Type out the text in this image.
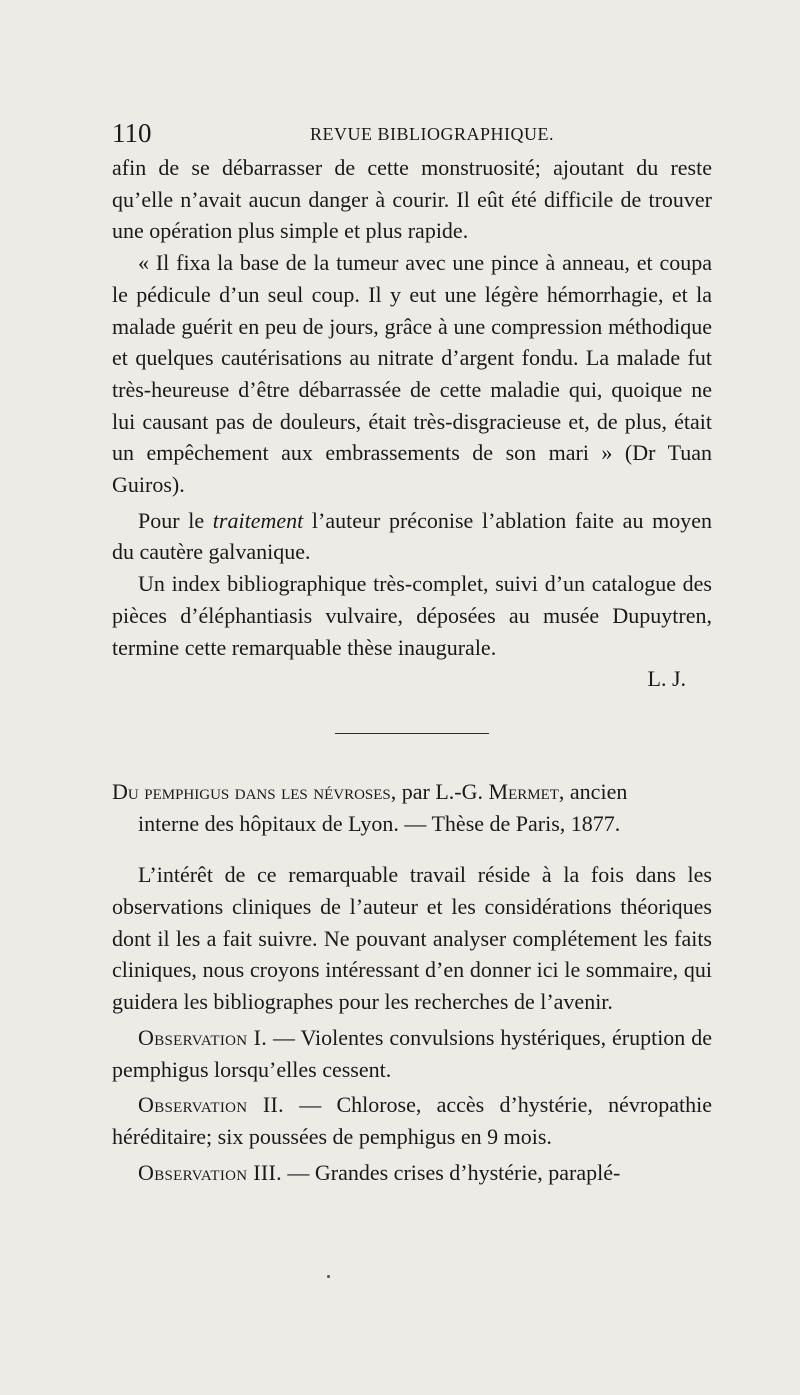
110	REVUE BIBLIOGRAPHIQUE.

afin de se débarrasser de cette monstruosité; ajoutant du reste qu’elle n’avait aucun danger à courir. Il eût été difficile de trouver une opération plus simple et plus rapide.

« Il fixa la base de la tumeur avec une pince à anneau, et coupa le pédicule d’un seul coup. Il y eut une légère hémorrhagie, et la malade guérit en peu de jours, grâce à une compression méthodique et quelques cautérisations au nitrate d’argent fondu. La malade fut très-heureuse d’être débarrassée de cette maladie qui, quoique ne lui causant pas de douleurs, était très-disgracieuse et, de plus, était un empêchement aux embrassements de son mari » (Dr Tuan Guiros).

Pour le traitement l’auteur préconise l’ablation faite au moyen du cautère galvanique.

Un index bibliographique très-complet, suivi d’un catalogue des pièces d’éléphantiasis vulvaire, déposées au musée Dupuytren, termine cette remarquable thèse inaugurale.

L. J.

Du pemphigus dans les névroses, par L.-G. Mermet, ancien
interne des hôpitaux de Lyon. — Thèse de Paris, 1877.

L’intérêt de ce remarquable travail réside à la fois dans les observations cliniques de l’auteur et les considérations théoriques dont il les a fait suivre. Ne pouvant analyser complétement les faits cliniques, nous croyons intéressant d’en donner ici le sommaire, qui guidera les bibliographes pour les recherches de l’avenir.

Observation I. — Violentes convulsions hystériques, éruption de pemphigus lorsqu’elles cessent.

Observation II. — Chlorose, accès d’hystérie, névropathie héréditaire; six poussées de pemphigus en 9 mois.

Observation III. — Grandes crises d’hystérie, paraplé-
